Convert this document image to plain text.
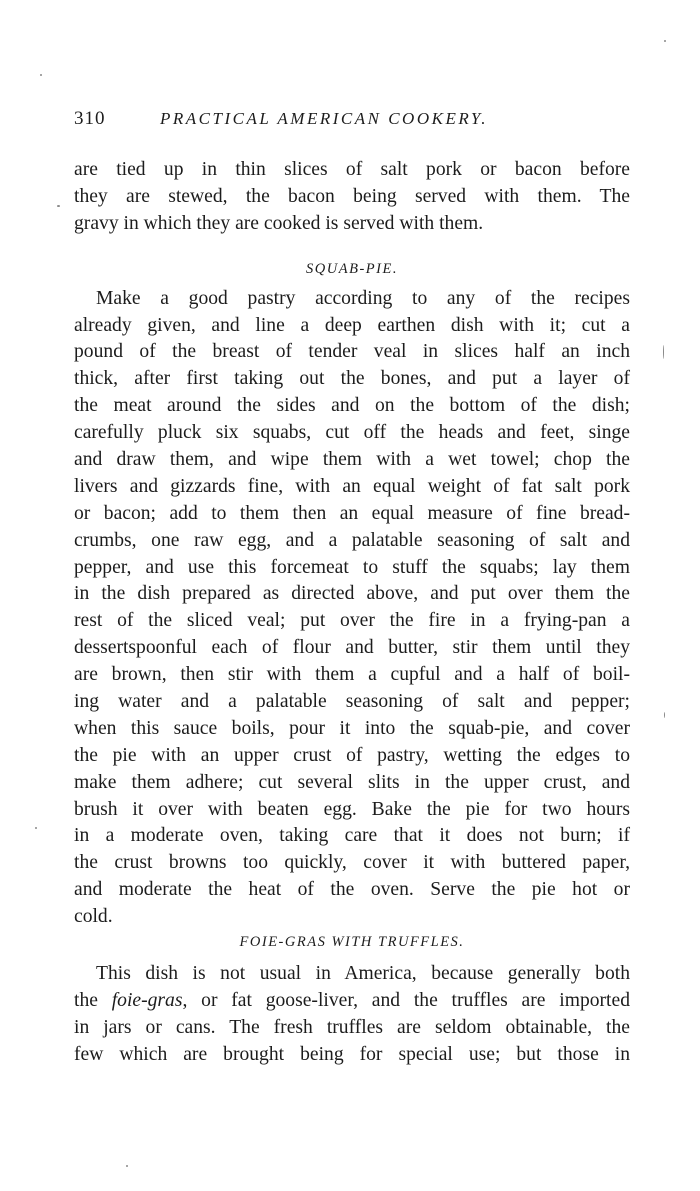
310	PRACTICAL AMERICAN COOKERY.
are tied up in thin slices of salt pork or bacon before
they are stewed, the bacon being served with them. The
gravy in which they are cooked is served with them.
SQUAB-PIE.
Make a good pastry according to any of the recipes
already given, and line a deep earthen dish with it; cut a
pound of the breast of tender veal in slices half an inch
thick, after first taking out the bones, and put a layer of
the meat around the sides and on the bottom of the dish;
carefully pluck six squabs, cut off the heads and feet, singe
and draw them, and wipe them with a wet towel; chop the
livers and gizzards fine, with an equal weight of fat salt pork
or bacon; add to them then an equal measure of fine bread-
crumbs, one raw egg, and a palatable seasoning of salt and
pepper, and use this forcemeat to stuff the squabs; lay them
in the dish prepared as directed above, and put over them the
rest of the sliced veal; put over the fire in a frying-pan a
dessertspoonful each of flour and butter, stir them until they
are brown, then stir with them a cupful and a half of boil-
ing water and a palatable seasoning of salt and pepper;
when this sauce boils, pour it into the squab-pie, and cover
the pie with an upper crust of pastry, wetting the edges to
make them adhere; cut several slits in the upper crust, and
brush it over with beaten egg. Bake the pie for two hours
in a moderate oven, taking care that it does not burn; if
the crust browns too quickly, cover it with buttered paper,
and moderate the heat of the oven. Serve the pie hot or
cold.
FOIE-GRAS WITH TRUFFLES.
This dish is not usual in America, because generally both
the foie-gras, or fat goose-liver, and the truffles are imported
in jars or cans. The fresh truffles are seldom obtainable, the
few which are brought being for special use; but those in
